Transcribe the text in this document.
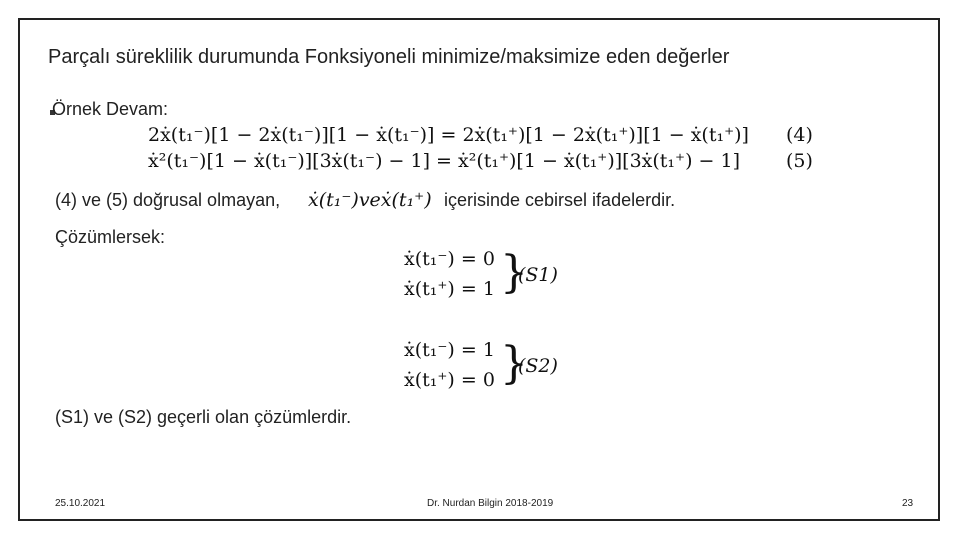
Parçalı süreklilik durumunda Fonksiyoneli minimize/maksimize eden değerler
Örnek Devam:
2ẋ(t₁⁻)[1 − 2ẋ(t₁⁻)][1 − ẋ(t₁⁻)] = 2ẋ(t₁⁺)[1 − 2ẋ(t₁⁺)][1 − ẋ(t₁⁺)] (4)
ẋ²(t₁⁻)[1 − ẋ(t₁⁻)][3ẋ(t₁⁻) − 1] = ẋ²(t₁⁺)[1 − ẋ(t₁⁺)][3ẋ(t₁⁺) − 1] (5)
(4) ve (5) doğrusal olmayan, ẋ(t₁⁻)veẋ(t₁⁺) içerisinde cebirsel ifadelerdir.
Çözümlersek:
ẋ(t₁⁻) = 0
ẋ(t₁⁺) = 1 }
(S1)
ẋ(t₁⁻) = 1
ẋ(t₁⁺) = 0 }
(S2)
(S1) ve (S2) geçerli olan çözümlerdir.
25.10.2021	Dr. Nurdan Bilgin 2018-2019	23
